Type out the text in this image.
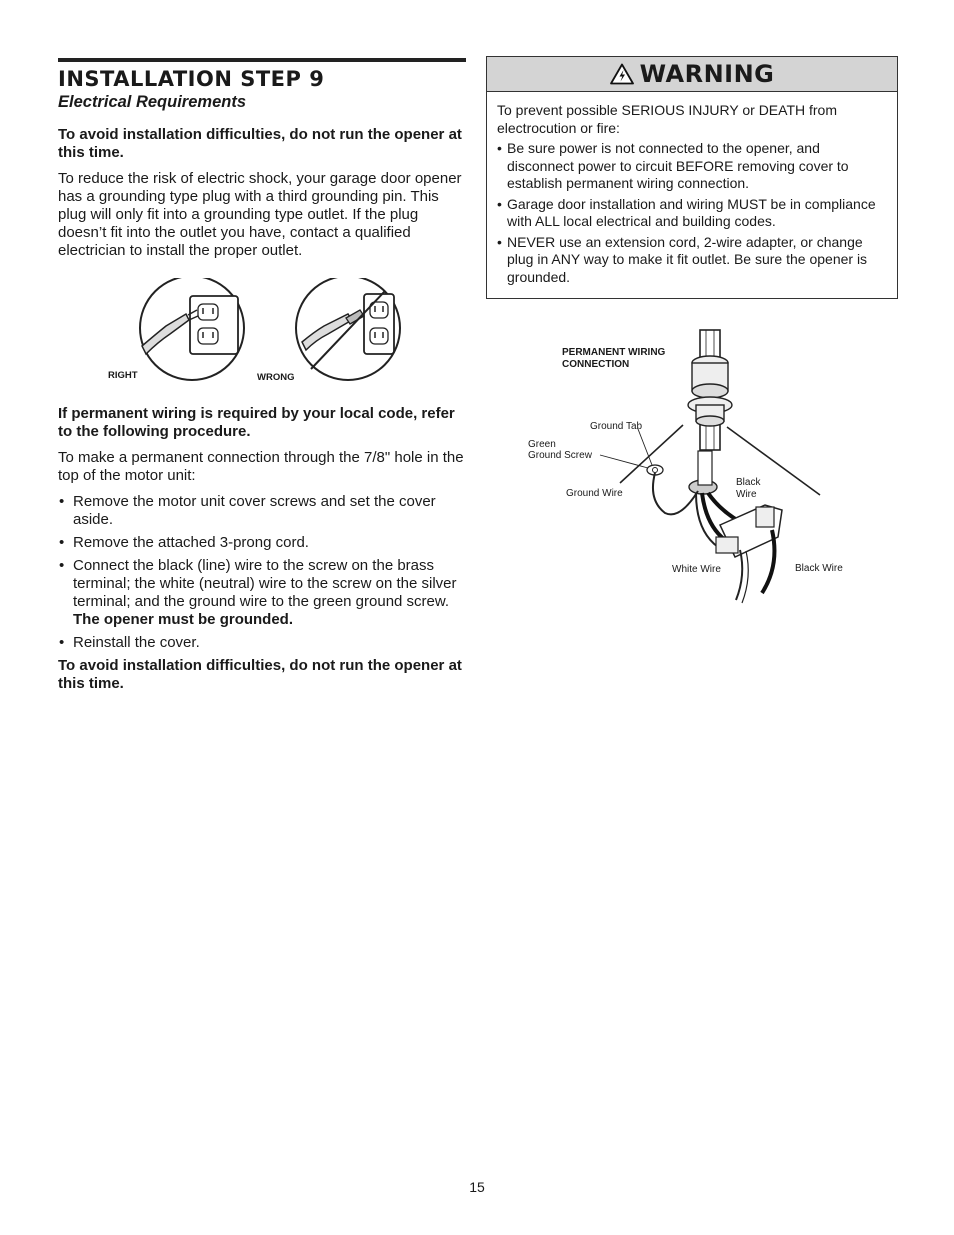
INSTALLATION STEP 9
Electrical Requirements

To avoid installation difficulties, do not run the opener at this time.

To reduce the risk of electric shock, your garage door opener has a grounding type plug with a third grounding pin. This plug will only fit into a grounding type outlet. If the plug doesn’t fit into the outlet you have, contact a qualified electrician to install the proper outlet.

RIGHT	WRONG

If permanent wiring is required by your local code, refer to the following procedure.

To make a permanent connection through the 7/8" hole in the top of the motor unit:

• Remove the motor unit cover screws and set the cover aside.
• Remove the attached 3-prong cord.
• Connect the black (line) wire to the screw on the brass terminal; the white (neutral) wire to the screw on the silver terminal; and the ground wire to the green ground screw. The opener must be grounded.
• Reinstall the cover.

To avoid installation difficulties, do not run the opener at this time.

WARNING

To prevent possible SERIOUS INJURY or DEATH from electrocution or fire:

• Be sure power is not connected to the opener, and disconnect power to circuit BEFORE removing cover to establish permanent wiring connection.
• Garage door installation and wiring MUST be in compliance with ALL local electrical and building codes.
• NEVER use an extension cord, 2-wire adapter, or change plug in ANY way to make it fit outlet. Be sure the opener is grounded.
PERMANENT WIRING
CONNECTION
Ground Tab
Green
Ground Screw
Ground Wire
Black
Wire
White Wire	Black Wire
15
